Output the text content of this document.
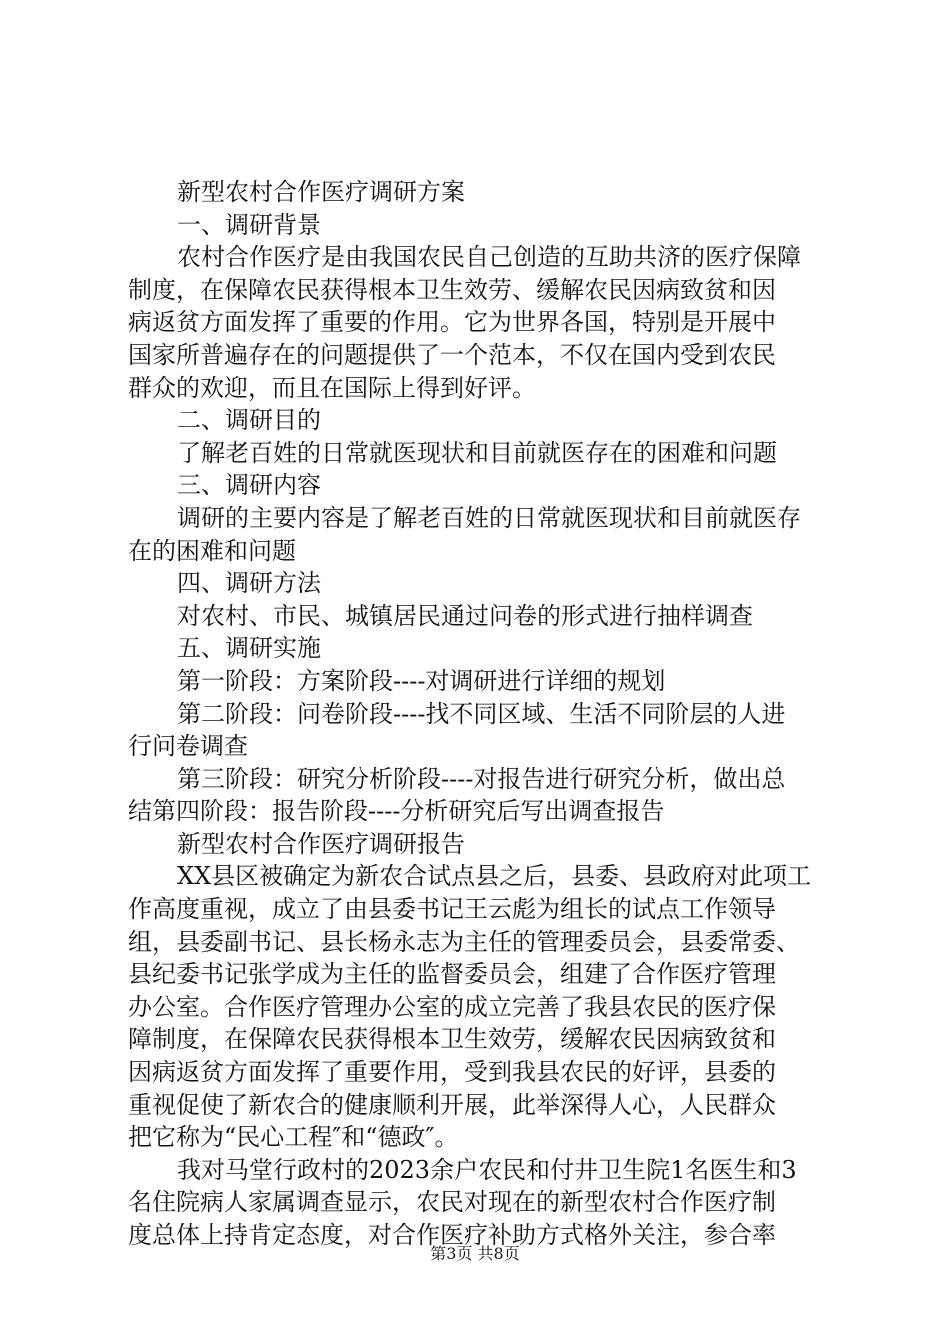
新型农村合作医疗调研方案

一、调研背景

农村合作医疗是由我国农民自己创造的互助共济的医疗保障

制度，在保障农民获得根本卫生效劳、缓解农民因病致贫和因

病返贫方面发挥了重要的作用。它为世界各国，特别是开展中

国家所普遍存在的问题提供了一个范本，不仅在国内受到农民

群众的欢迎，而且在国际上得到好评。

二、调研目的

了解老百姓的日常就医现状和目前就医存在的困难和问题

三、调研内容

调研的主要内容是了解老百姓的日常就医现状和目前就医存

在的困难和问题

四、调研方法

对农村、市民、城镇居民通过问卷的形式进行抽样调查

五、调研实施

第一阶段：方案阶段----对调研进行详细的规划

第二阶段：问卷阶段----找不同区域、生活不同阶层的人进

行问卷调查

第三阶段：研究分析阶段----对报告进行研究分析，做出总

结第四阶段：报告阶段----分析研究后写出调查报告

新型农村合作医疗调研报告

XX县区被确定为新农合试点县之后，县委、县政府对此项工

作高度重视，成立了由县委书记王云彪为组长的试点工作领导

组，县委副书记、县长杨永志为主任的管理委员会，县委常委、

县纪委书记张学成为主任的监督委员会，组建了合作医疗管理

办公室。合作医疗管理办公室的成立完善了我县农民的医疗保

障制度，在保障农民获得根本卫生效劳，缓解农民因病致贫和

因病返贫方面发挥了重要作用，受到我县农民的好评，县委的

重视促使了新农合的健康顺利开展，此举深得人心，人民群众

把它称为“民心工程″和“德政″。

我对马堂行政村的2023余户农民和付井卫生院1名医生和3

名住院病人家属调查显示，农民对现在的新型农村合作医疗制

度总体上持肯定态度，对合作医疗补助方式格外关注，参合率

第3页 共8页
